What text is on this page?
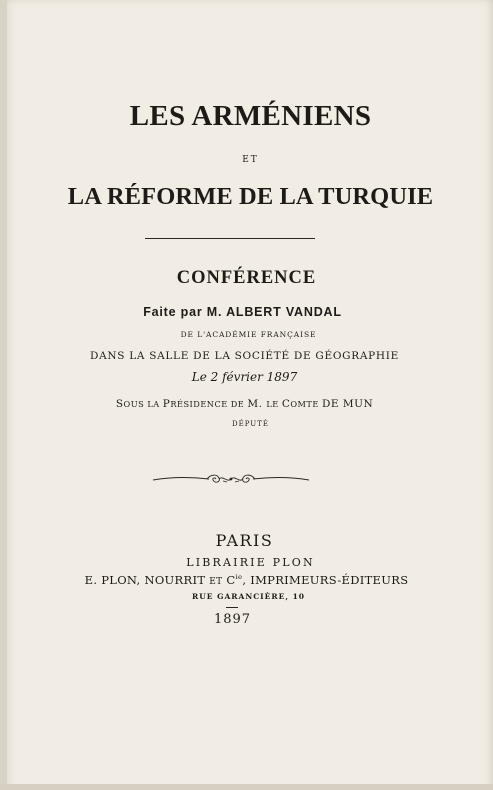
LES ARMÉNIENS
ET
LA RÉFORME DE LA TURQUIE
CONFÉRENCE
Faite par M. ALBERT VANDAL
DE L'ACADÉMIE FRANÇAISE
DANS LA SALLE DE LA SOCIÉTÉ DE GÉOGRAPHIE
Le 2 février 1897
SOUS LA PRÉSIDENCE DE M. LE COMTE DE MUN
DÉPUTÉ
PARIS
LIBRAIRIE PLON
E. PLON, NOURRIT ET $C^{ie}$, IMPRIMEURS-ÉDITEURS
RUE GARANCIÈRE, 10
1897
